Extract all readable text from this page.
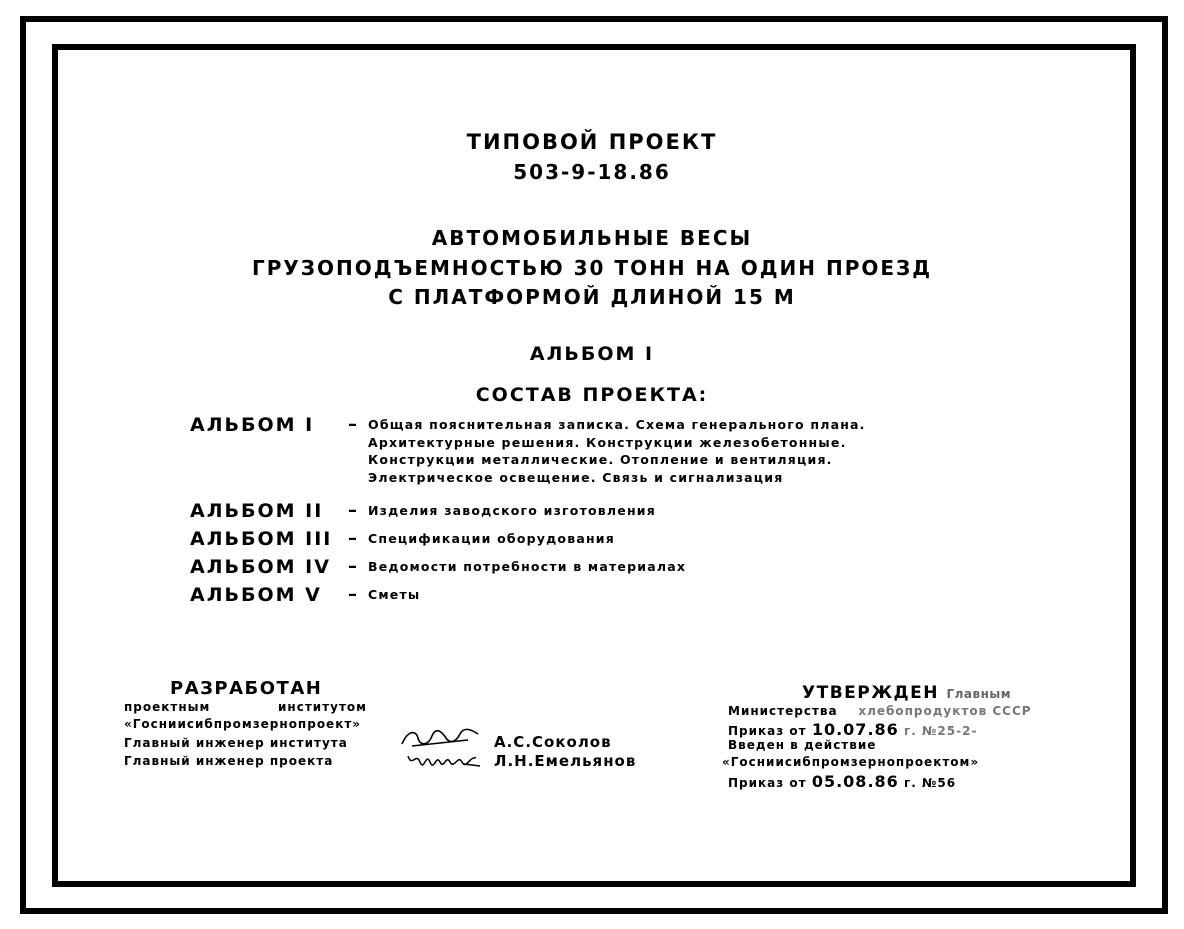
ТИПОВОЙ ПРОЕКТ
503-9-18.86
АВТОМОБИЛЬНЫЕ ВЕСЫ
ГРУЗОПОДЪЕМНОСТЬЮ 30 ТОНН НА ОДИН ПРОЕЗД
С ПЛАТФОРМОЙ ДЛИНОЙ 15 М
АЛЬБОМ I
СОСТАВ ПРОЕКТА:
АЛЬБОМ I	– Общая пояснительная записка. Схема генерального плана.
Архитектурные решения. Конструкции железобетонные.
Конструкции металлические. Отопление и вентиляция.
Электрическое освещение. Связь и сигнализация
АЛЬБОМ II	– Изделия заводского изготовления
АЛЬБОМ III – Спецификации оборудования
АЛЬБОМ IV – Ведомости потребности в материалах
АЛЬБОМ V	– Сметы
РАЗРАБОТАН
проектным	институтом
«Госниисибпромзернопроект»
Главный инженер института
Главный инженер проекта
А.С.Соколов
Л.Н.Емельянов
УТВЕРЖДЕН Главным
Министерства хлебопродуктов СССР
Приказ от 10.07.86 г. №25-2-
Введен в действие
«Госниисибпромзернопроектом»
Приказ от 05.08.86 г. №56
